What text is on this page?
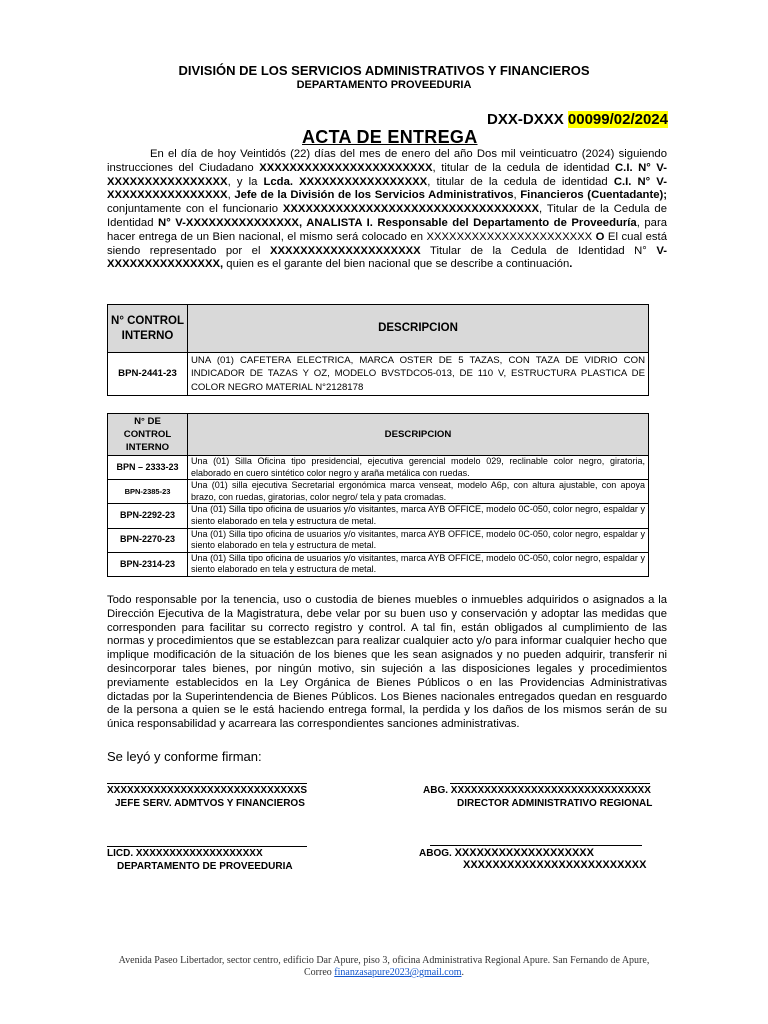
DIVISIÓN DE LOS SERVICIOS ADMINISTRATIVOS Y FINANCIEROS
DEPARTAMENTO PROVEEDURIA
DXX-DXXX 00099/02/2024
ACTA DE ENTREGA

En el día de hoy Veintidós (22) días del mes de enero del año Dos mil veinticuatro (2024) siguiendo instrucciones del Ciudadano XXXXXXXXXXXXXXXXXXXXXXX, titular de la cedula de identidad C.I. N° V-XXXXXXXXXXXXXXXX, y la Lcda. XXXXXXXXXXXXXXXXX, titular de la cedula de identidad C.I. N° V-XXXXXXXXXXXXXXXX, Jefe de la División de los Servicios Administrativos, Financieros (Cuentadante); conjuntamente con el funcionario XXXXXXXXXXXXXXXXXXXXXXXXXXXXXXXXXX, Titular de la Cedula de Identidad N° V-XXXXXXXXXXXXXXX, ANALISTA I. Responsable del Departamento de Proveeduría, para hacer entrega de un Bien nacional, el mismo será colocado en XXXXXXXXXXXXXXXXXXXXXX O El cual está siendo representado por el XXXXXXXXXXXXXXXXXXXX Titular de la Cedula de Identidad N° V- XXXXXXXXXXXXXXX, quien es el garante del bien nacional que se describe a continuación.

N° CONTROL INTERNO	DESCRIPCION
BPN-2441-23	UNA (01) CAFETERA ELECTRICA, MARCA OSTER DE 5 TAZAS, CON TAZA DE VIDRIO CON INDICADOR DE TAZAS Y OZ, MODELO BVSTDCO5-013, DE 110 V, ESTRUCTURA PLASTICA DE COLOR NEGRO MATERIAL N°2128178
N° DE CONTROL INTERNO	DESCRIPCION
BPN – 2333-23	Una (01) Silla Oficina tipo presidencial, ejecutiva gerencial modelo 029, reclinable color negro, giratoria, elaborado en cuero sintético color negro y araña metálica con ruedas.
BPN-2385-23	Una (01) silla ejecutiva Secretarial ergonómica marca venseat, modelo A6p, con altura ajustable, con apoya brazo, con ruedas, giratorias, color negro/ tela y pata cromadas.
BPN-2292-23	Una (01) Silla tipo oficina de usuarios y/o visitantes, marca AYB OFFICE, modelo 0C-050, color negro, espaldar y siento elaborado en tela y estructura de metal.
BPN-2270-23	Una (01) Silla tipo oficina de usuarios y/o visitantes, marca AYB OFFICE, modelo 0C-050, color negro, espaldar y siento elaborado en tela y estructura de metal.
BPN-2314-23	Una (01) Silla tipo oficina de usuarios y/o visitantes, marca AYB OFFICE, modelo 0C-050, color negro, espaldar y siento elaborado en tela y estructura de metal.
Todo responsable por la tenencia, uso o custodia de bienes muebles o inmuebles adquiridos o asignados a la Dirección Ejecutiva de la Magistratura, debe velar por su buen uso y conservación y adoptar las medidas que corresponden para facilitar su correcto registro y control. A tal fin, están obligados al cumplimiento de las normas y procedimientos que se establezcan para realizar cualquier acto y/o para informar cualquier hecho que implique modificación de la situación de los bienes que les sean asignados y no pueden adquirir, transferir ni desincorporar tales bienes, por ningún motivo, sin sujeción a las disposiciones legales y procedimientos previamente establecidos en la Ley Orgánica de Bienes Públicos o en las Providencias Administrativas dictadas por la Superintendencia de Bienes Públicos. Los Bienes nacionales entregados quedan en resguardo de la persona a quien se le está haciendo entrega formal, la perdida y los daños de los mismos serán de su única responsabilidad y acarreara las correspondientes sanciones administrativas.
Se leyó y conforme firman:
XXXXXXXXXXXXXXXXXXXXXXXXXXXXXS
JEFE SERV. ADMTVOS Y FINANCIEROS
ABG. XXXXXXXXXXXXXXXXXXXXXXXXXXXXXX
DIRECTOR ADMINISTRATIVO REGIONAL
LICD. XXXXXXXXXXXXXXXXXXX
DEPARTAMENTO DE PROVEEDURIA
ABOG. XXXXXXXXXXXXXXXXXXX
XXXXXXXXXXXXXXXXXXXXXXXXX
Avenida Paseo Libertador, sector centro, edificio Dar Apure, piso 3, oficina Administrativa Regional Apure. San Fernando de Apure,
Correo finanzasapure2023@gmail.com.
